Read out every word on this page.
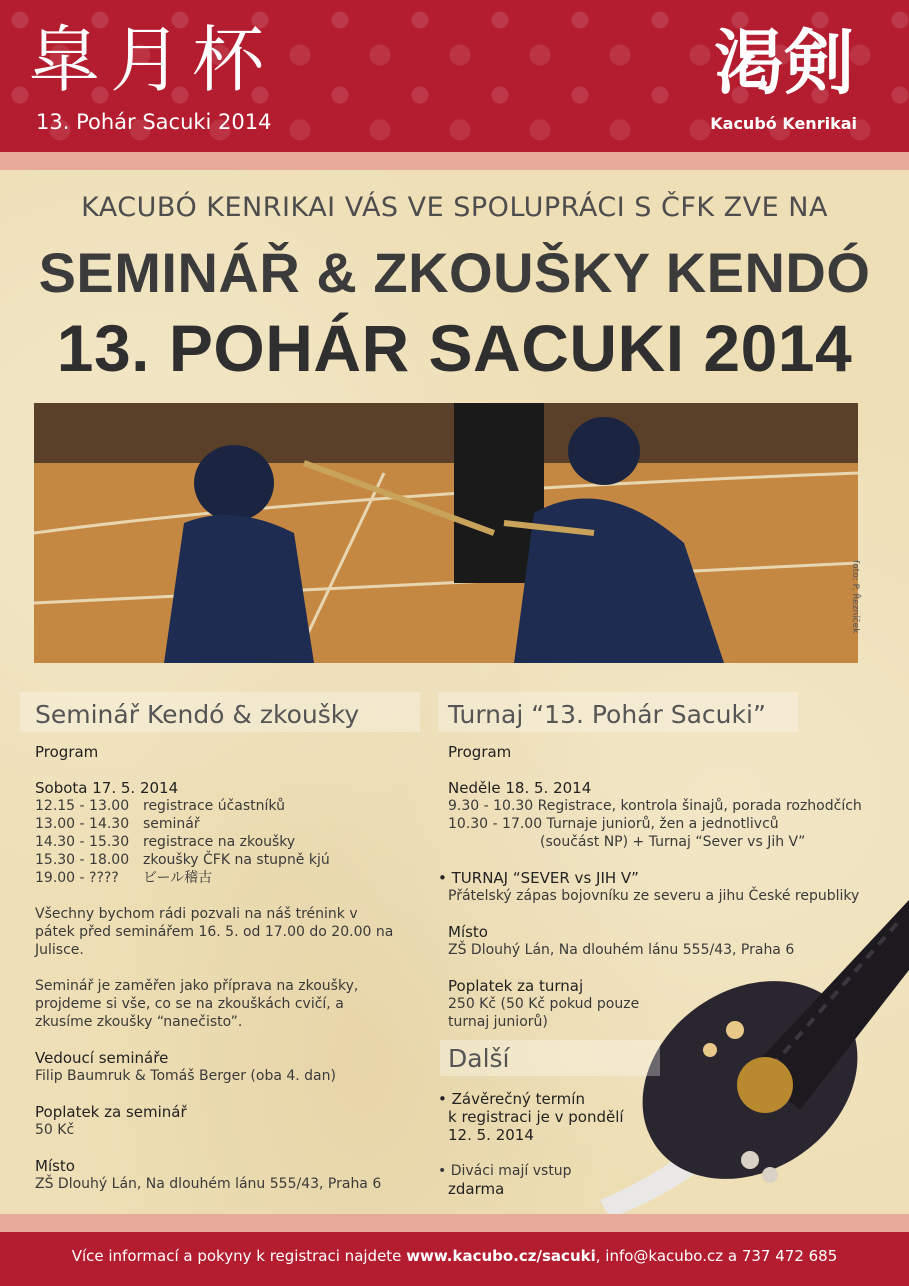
皐月杯
13. Pohár Sacuki 2014
渇剣
Kacubó Kenrikai
KACUBÓ KENRIKAI VÁS VE SPOLUPRÁCI S ČFK ZVE NA
SEMINÁŘ & ZKOUŠKY KENDÓ
13. POHÁR SACUKI 2014
foto:
Seminář Kendó & zkoušky
Program
Sobota 17. 5. 2014
12.15 - 13.00 registrace účastníků
13.00 - 14.30 seminář
14.30 - 15.30 registrace na zkoušky
15.30 - 18.00 zkoušky ČFK na stupně kjú
19.00 - ????	ビール稽古
Všechny bychom rádi pozvali na náš trénink v pátek před seminářem 16. 5. od 17.00 do 20.00 na Julisce.
Seminář je zaměřen jako příprava na zkoušky, projdeme si vše, co se na zkouškách cvičí, a zkusíme zkoušky “nanečisto”.
Vedoucí semináře
Filip Baumruk & Tomáš Berger (oba 4. dan)
Poplatek za seminář
50 Kč
Místo
ZŠ Dlouhý Lán, Na dlouhém lánu 555/43, Praha 6
Turnaj “13. Pohár Sacuki”
Program
Neděle 18. 5. 2014
9.30 - 10.30 Registrace, kontrola šinajů, porada rozhodčích
10.30 - 17.00 Turnaje juniorů, žen a jednotlivců
(součást NP) + Turnaj “Sever vs Jih V”
• TURNAJ “SEVER vs JIH V”
Přátelský zápas bojovníku ze severu a jihu České republiky
Místo
ZŠ Dlouhý Lán, Na dlouhém lánu 555/43, Praha 6
Poplatek za turnaj
250 Kč (50 Kč pokud pouze
turnaj juniorů)
Další
• Závěrečný termín
k registraci je v pondělí
12. 5. 2014
• Diváci mají vstup
zdarma
Více informací a pokyny k registraci najdete www.kacubo.cz/sacuki, info@kacubo.cz a 737 472 685
